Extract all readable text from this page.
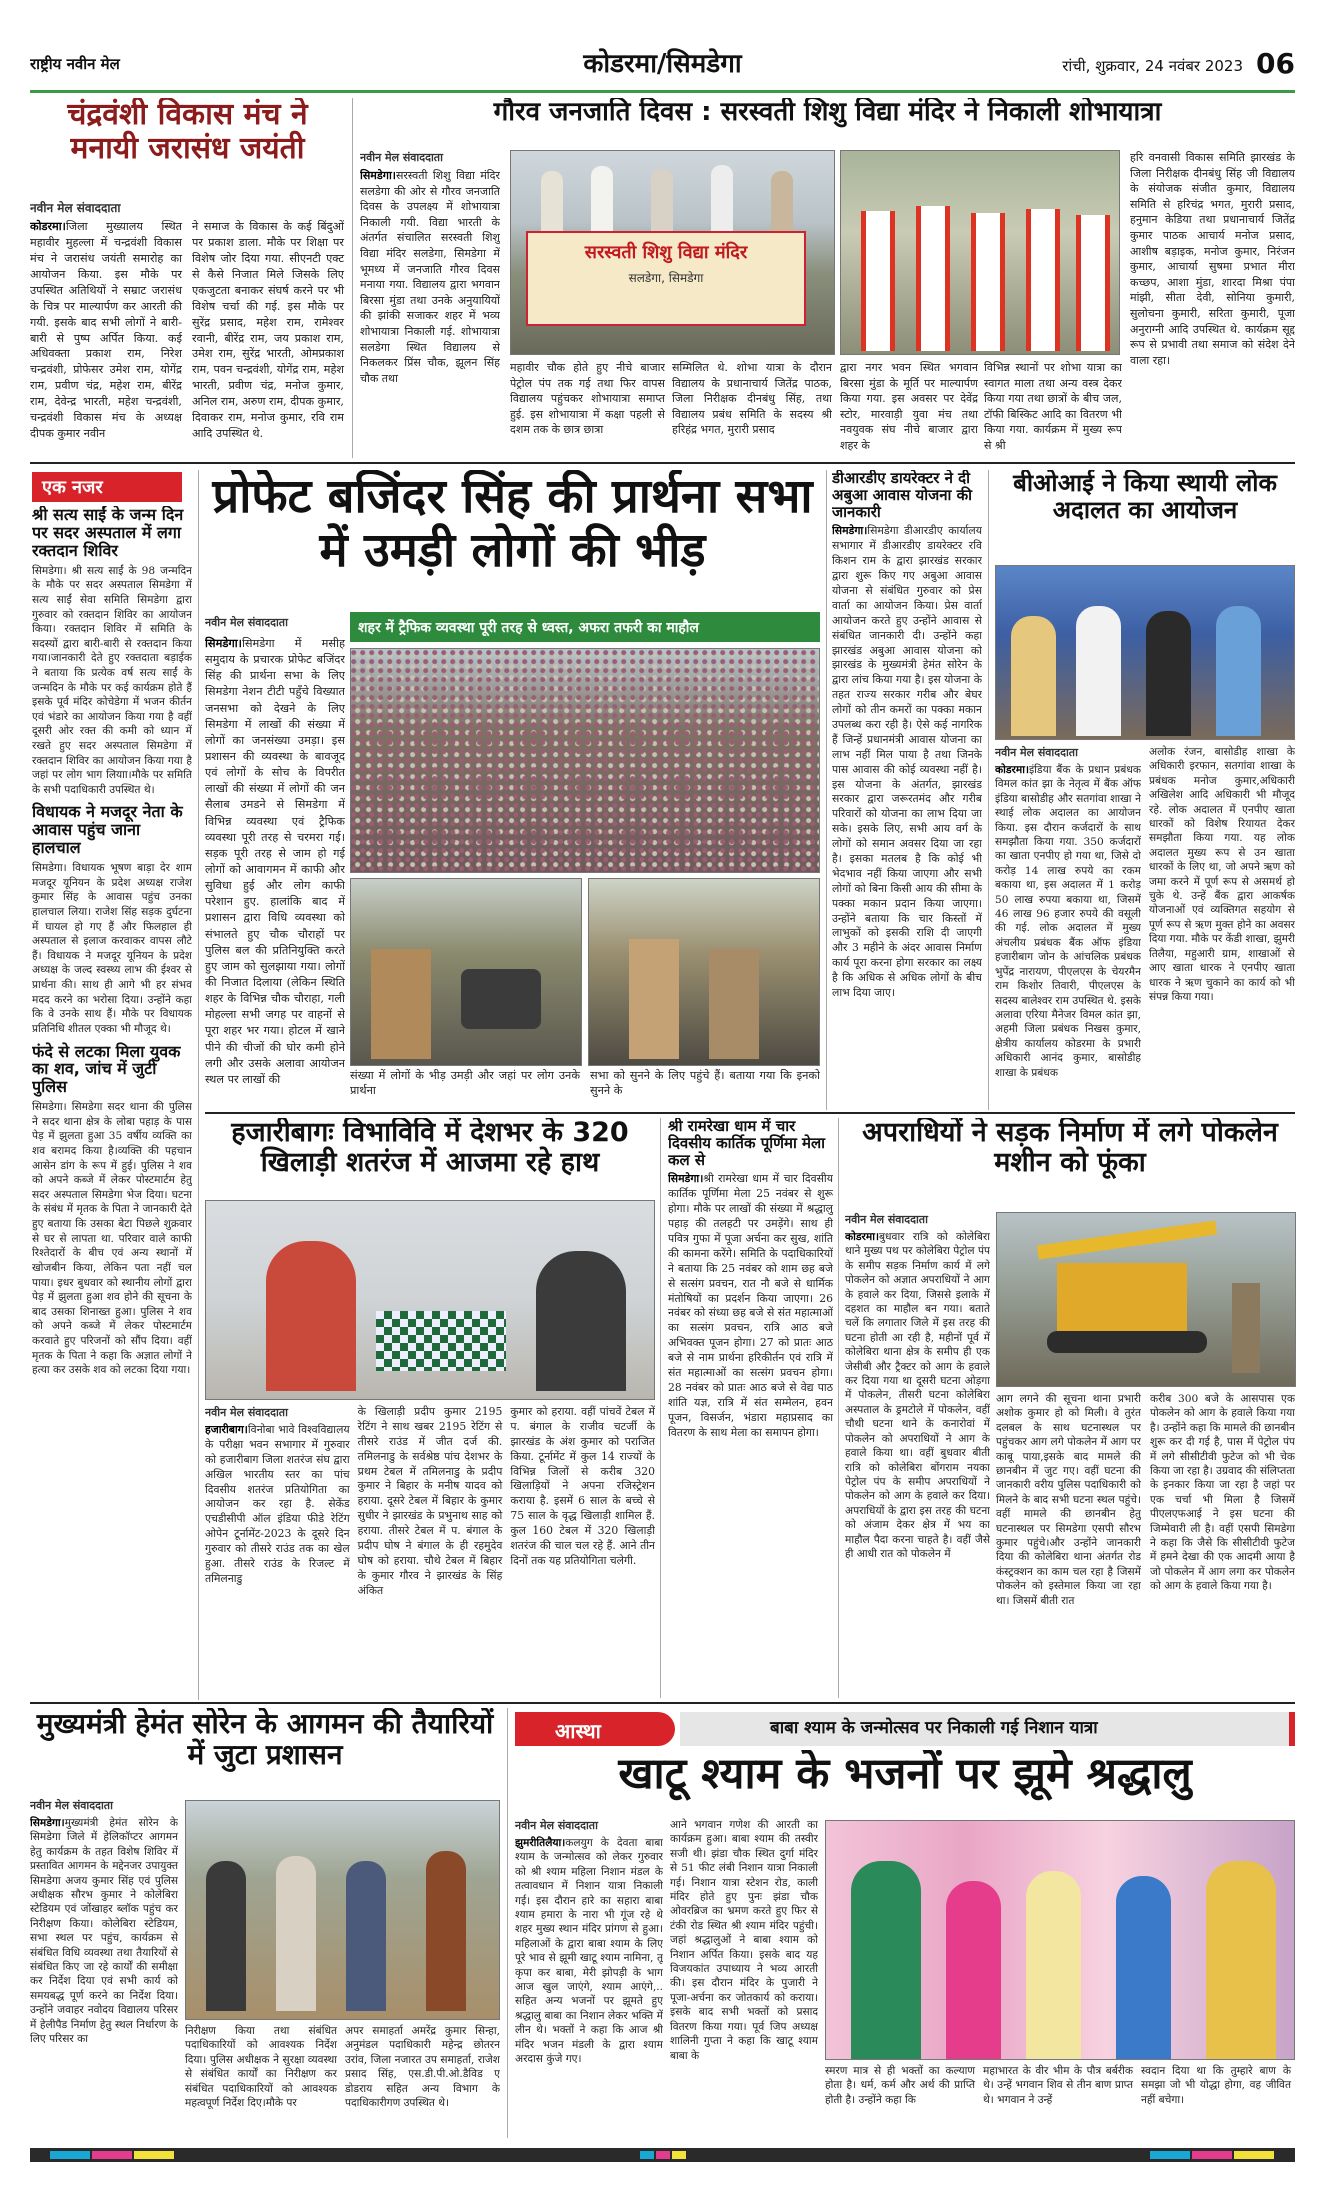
राष्ट्रीय नवीन मेल	कोडरमा/सिमडेगा	रांची, शुक्रवार, 24 नवंबर 2023 06
चंद्रवंशी विकास मंच ने मनायी जरासंध जयंती
नवीन मेल संवाददाता
कोडरमा।जिला मुख्यालय स्थित महावीर मुहल्ला में चन्द्रवंशी विकास मंच ने जरासंध जयंती समारोह का आयोजन किया. इस मौके पर उपस्थित अतिथियों ने सम्राट जरासंध के चित्र पर माल्यार्पण कर आरती की गयी. इसके बाद सभी लोगों ने बारी-बारी से पुष्प अर्पित किया. कई अधिवक्ता प्रकाश राम, निरेश चन्द्रवंशी, प्रोफेसर उमेश राम, योगेंद्र राम, प्रवीण चंद्र, महेश राम, बीरेंद्र राम, देवेन्द्र भारती, महेश चन्द्रवंशी, चन्द्रवंशी विकास मंच के अध्यक्ष दीपक कुमार नवीन
ने समाज के विकास के कई बिंदुओं पर प्रकाश डाला. मौके पर शिक्षा पर विशेष जोर दिया गया. सीएनटी एक्ट से कैसे निजात मिले जिसके लिए एकजुटता बनाकर संघर्ष करने पर भी विशेष चर्चा की गई. इस मौके पर सुरेंद्र प्रसाद, महेश राम, रामेश्वर रवानी, बीरेंद्र राम, जय प्रकाश राम, उमेश राम, सुरेंद्र भारती, ओमप्रकाश राम, पवन चन्द्रवंशी, योगेंद्र राम, महेश भारती, प्रवीण चंद्र, मनोज कुमार, अनिल राम, अरुण राम, दीपक कुमार, दिवाकर राम, मनोज कुमार, रवि राम आदि उपस्थित थे.
गौरव जनजाति दिवस : सरस्वती शिशु विद्या मंदिर ने निकाली शोभायात्रा
नवीन मेल संवाददाता
सिमडेगा।सरस्वती शिशु विद्या मंदिर सलडेगा की ओर से गौरव जनजाति दिवस के उपलक्ष्य में शोभायात्रा निकाली गयी. विद्या भारती के अंतर्गत संचालित सरस्वती शिशु विद्या मंदिर सलडेगा, सिमडेगा में भूमध्य में जनजाति गौरव दिवस मनाया गया. विद्यालय द्वारा भगवान बिरसा मुंडा तथा उनके अनुयायियों की झांकी सजाकर शहर में भव्य शोभायात्रा निकाली गई. शोभायात्रा सलडेगा स्थित विद्यालय से निकलकर प्रिंस चौक, झूलन सिंह चौक तथा
सरस्वती शिशु विद्या मंदिर
सलडेगा, सिमडेगा
महावीर चौक होते हुए नीचे बाजार पेट्रोल पंप तक गई तथा फिर वापस विद्यालय पहुंचकर शोभायात्रा समाप्त हुई. इस शोभायात्रा में कक्षा पहली से दशम तक के छात्र छात्रा
सम्मिलित थे. शोभा यात्रा के दौरान विद्यालय के प्रधानाचार्य जितेंद्र पाठक, जिला निरीक्षक दीनबंधु सिंह, तथा विद्यालय प्रबंध समिति के सदस्य श्री हरिहंद्र भगत, मुरारी प्रसाद
द्वारा नगर भवन स्थित भगवान बिरसा मुंडा के मूर्ति पर माल्यार्पण किया गया. इस अवसर पर देवेंद्र स्टोर, मारवाड़ी युवा मंच तथा नवयुवक संघ नीचे बाजार द्वारा शहर के
विभिन्न स्थानों पर शोभा यात्रा का स्वागत माला तथा अन्य वस्त्र देकर किया गया तथा छात्रों के बीच जल, टॉफी बिस्किट आदि का वितरण भी किया गया. कार्यक्रम में मुख्य रूप से श्री
हरि वनवासी विकास समिति झारखंड के जिला निरीक्षक दीनबंधु सिंह जी विद्यालय के संयोजक संजीत कुमार, विद्यालय समिति से हरिचंद्र भगत, मुरारी प्रसाद, हनुमान केडिया तथा प्रधानाचार्य जितेंद्र कुमार पाठक आचार्य मनोज प्रसाद, आशीष बड़ाइक, मनोज कुमार, निरंजन कुमार, आचार्या सुषमा प्रभात मीरा कच्छप, आशा मुंडा, शारदा मिश्रा पंपा मांझी, सीता देवी, सोनिया कुमारी, सुलोचना कुमारी, सरिता कुमारी, पूजा अनुराग्नी आदि उपस्थित थे. कार्यक्रम सूद्द रूप से प्रभावी तथा समाज को संदेश देने वाला रहा।
एक नजर
श्री सत्य साईं के जन्म दिन पर सदर अस्पताल में लगा रक्तदान शिविर
सिमडेगा। श्री सत्य साईं के 98 जन्मदिन के मौके पर सदर अस्पताल सिमडेगा में सत्य साईं सेवा समिति सिमडेगा द्वारा गुरुवार को रक्तदान शिविर का आयोजन किया। रक्तदान शिविर में समिति के सदस्यों द्वारा बारी-बारी से रक्तदान किया गया।जानकारी देते हुए रक्तदाता बड़ाईक ने बताया कि प्रत्येक वर्ष सत्य साईं के जन्मदिन के मौके पर कई कार्यक्रम होते हैं इसके पूर्व मंदिर कोचेडेगा में भजन कीर्तन एवं भंडारे का आयोजन किया गया है वहीं दूसरी ओर रक्त की कमी को ध्यान में रखते हुए सदर अस्पताल सिमडेगा में रक्तदान शिविर का आयोजन किया गया है जहां पर लोग भाग लियाा।मौके पर समिति के सभी पदाधिकारी उपस्थित थे।
विधायक ने मजदूर नेता के आवास पहुंच जाना हालचाल
सिमडेगा। विधायक भूषण बाड़ा देर शाम मजदूर यूनियन के प्रदेश अध्यक्ष राजेश कुमार सिंह के आवास पहुंच उनका हालचाल लिया। राजेश सिंह सड़क दुर्घटना में घायल हो गए हैं और फिलहाल ही अस्पताल से इलाज करवाकर वापस लौटे हैं। विधायक ने मजदूर यूनियन के प्रदेश अध्यक्ष के जल्द स्वस्थ्य लाभ की ईश्वर से प्रार्थना की। साथ ही आगे भी हर संभव मदद करने का भरोसा दिया। उन्होंने कहा कि वे उनके साथ हैं। मौके पर विधायक प्रतिनिधि शीतल एक्का भी मौजूद थे।
फंदे से लटका मिला युवक का शव, जांच में जुटी पुलिस
सिमडेगा। सिमडेगा सदर थाना की पुलिस ने सदर थाना क्षेत्र के लोबा पहाड़ के पास पेड़ में झुलता हुआ 35 वर्षीय व्यक्ति का शव बरामद किया है।व्यक्ति की पहचान आसेन डांग के रूप में हुई। पुलिस ने शव को अपने कब्जे में लेकर पोस्टमार्टम हेतु सदर अस्पताल सिमडेगा भेज दिया। घटना के संबंध में मृतक के पिता ने जानकारी देते हुए बताया कि उसका बेटा पिछले शुक्रवार से घर से लापता था. परिवार वाले काफी रिश्तेदारों के बीच एवं अन्य स्थानों में खोजबीन किया, लेकिन पता नहीं चल पाया। इधर बुधवार को स्थानीय लोगों द्वारा पेड़ में झुलता हुआ शव होने की सूचना के बाद उसका शिनाख्त हुआ। पुलिस ने शव को अपने कब्जे में लेकर पोस्टमार्टम करवाते हुए परिजनों को सौंप दिया। वहीं मृतक के पिता ने कहा कि अज्ञात लोगों ने हत्या कर उसके शव को लटका दिया गया।
प्रोफेट बजिंदर सिंह की प्रार्थना सभा में उमड़ी लोगों की भीड़
नवीन मेल संवाददाता	शहर में ट्रैफिक व्यवस्था पूरी तरह से ध्वस्त, अफरा तफरी का माहौल
सिमडेगा।सिमडेगा में मसीह समुदाय के प्रचारक प्रोफेट बजिंदर सिंह की प्रार्थना सभा के लिए सिमडेगा नेशन टीटी पहुँचे विख्यात जनसभा को देखने के लिए सिमडेगा में लाखों की संख्या में लोगों का जनसंख्या उमड़ा। इस प्रशासन की व्यवस्था के बावजूद एवं लोगों के सोच के विपरीत लाखों की संख्या में लोगों की जन सैलाब उमडने से सिमडेगा में विभिन्न व्यवस्था एवं ट्रैफिक व्यवस्था पूरी तरह से चरमरा गई। सड़क पूरी तरह से जाम हो गई लोगों को आवागमन में काफी और सुविधा हुई और लोग काफी परेशान हुए. हालांकि बाद में प्रशासन द्वारा विधि व्यवस्था को संभालते हुए चौक चौराहों पर पुलिस बल की प्रतिनियुक्ति करते हुए जाम को सुलझाया गया। लोगों की निजात दिलाया (लेकिन स्थिति शहर के विभिन्न चौक चौराहा, गली मोहल्ला सभी जगह पर वाहनों से पूरा शहर भर गया। होटल में खाने पीने की चीजों की घोर कमी होने लगी और उसके अलावा आयोजन स्थल पर लाखों की	संख्या में लोगों के भीड़ उमड़ी और जहां पर लोग उनके प्रार्थना
सभा को सुनने के लिए पहुंचे हैं। बताया गया कि इनको सुनने के
डीआरडीए डायरेक्टर ने दी अबुआ आवास योजना की जानकारी
सिमडेगा।सिमडेगा डीआरडीए कार्यालय सभागार में डीआरडीए डायरेक्टर रवि किशन राम के द्वारा झारखंड सरकार द्वारा शुरू किए गए अबुआ आवास योजना से संबंधित गुरुवार को प्रेस वार्ता का आयोजन किया। प्रेस वार्ता आयोजन करते हुए उन्होंने आवास से संबंधित जानकारी दी। उन्होंने कहा झारखंड अबुआ आवास योजना को झारखंड के मुख्यमंत्री हेमंत सोरेन के द्वारा लांच किया गया है। इस योजना के तहत राज्य सरकार गरीब और बेघर लोगों को तीन कमरों का पक्का मकान उपलब्ध करा रही है। ऐसे कई नागरिक हैं जिन्हें प्रधानमंत्री आवास योजना का लाभ नहीं मिल पाया है तथा जिनके पास आवास की कोई व्यवस्था नहीं है। इस योजना के अंतर्गत, झारखंड सरकार द्वारा जरूरतमंद और गरीब परिवारों को योजना का लाभ दिया जा सके। इसके लिए, सभी आय वर्ग के लोगों को समान अवसर दिया जा रहा है। इसका मतलब है कि कोई भी भेदभाव नहीं किया जाएगा और सभी लोगों को बिना किसी आय की सीमा के पक्का मकान प्रदान किया जाएगा। उन्होंने बताया कि चार किस्तों में लाभुकों को इसकी राशि दी जाएगी और 3 महीने के अंदर आवास निर्माण कार्य पूरा करना होगा सरकार का लक्ष्य है कि अधिक से अधिक लोगों के बीच लाभ दिया जाए।
बीओआई ने किया स्थायी लोक अदालत का आयोजन
नवीन मेल संवाददाता
कोडरमा।इंडिया बैंक के प्रधान प्रबंधक विमल कांत झा के नेतृत्व में बैंक ऑफ इंडिया बासोडीह और सतगांवा शाखा ने स्थाई लोक अदालत का आयोजन किया. इस दौरान कर्जदारों के साथ समझौता किया गया. 350 कर्जदारों का खाता एनपीए हो गया था, जिसे दो करोड़ 14 लाख रुपये का रकम बकाया था, इस अदालत में 1 करोड़ 50 लाख रुपया बकाया था, जिसमें 46 लाख 96 हजार रुपये की वसूली की गई. लोक अदालत में मुख्य अंचलीय प्रबंधक बैंक ऑफ इंडिया हजारीबाग जोन के आंचलिक प्रबंधक भुपेंद्र नारायण, पीएलएस के चेयरमैन राम किशोर तिवारी, पीएलएस के सदस्य बालेश्वर राम उपस्थित थे. इसके अलावा एरिया मैनेजर विमल कांत झा, अहमी जिला प्रबंधक निखस कुमार, क्षेत्रीय कार्यालय कोडरमा के प्रभारी अधिकारी आनंद कुमार, बासोडीह शाखा के प्रबंधक
अलोक रंजन, बासोडीह शाखा के अधिकारी इरफान, सतगांवा शाखा के प्रबंधक मनोज कुमार,अधिकारी अखिलेश आदि अधिकारी भी मौजूद रहे. लोक अदालत में एनपीए खाता धारकों को विशेष रियायत देकर समझौता किया गया. यह लोक अदालत मुख्य रूप से उन खाता धारकों के लिए था, जो अपने ऋण को जमा करने में पूर्ण रूप से असमर्थ हो चुके थे. उन्हें बैंक द्वारा आकर्षक योजनाओं एवं व्यक्तिगत सहयोग से पूर्ण रूप से ऋण मुक्त होने का अवसर दिया गया. मौके पर केंडी शाखा, झुमरी तिलैया, महुआरी ग्राम, शाखाओं से आए खाता धारक ने एनपीए खाता धारक ने ऋण चुकाने का कार्य को भी संपन्न किया गया।
हजारीबागः विभाविवि में देशभर के 320 खिलाड़ी शतरंज में आजमा रहे हाथ
नवीन मेल संवाददाता
हजारीबाग।विनोबा भावे विश्वविद्यालय के परीक्षा भवन सभागार में गुरुवार को हजारीबाग जिला शतरंज संघ द्वारा अखिल भारतीय स्तर का पांच दिवसीय शतरंज प्रतियोगिता का आयोजन कर रहा है. सेकेंड एचडीसीपी ऑल इंडिया फीडे रेटिंग ओपेन टूर्नामेंट-2023 के दूसरे दिन गुरुवार को तीसरे राउंड तक का खेल हुआ. तीसरे राउंड के रिजल्ट में तमिलनाडु
के खिलाड़ी प्रदीप कुमार 2195 रेटिंग ने साथ खबर 2195 रेटिंग से तीसरे राउंड में जीत दर्ज की. तमिलनाडु के सर्वश्रेष्ठ पांच देशभर के प्रथम टेबल में तमिलनाडु के प्रदीप कुमार ने बिहार के मनीष यादव को हराया. दूसरे टेबल में बिहार के कुमार सुधीर ने झारखंड के प्रभुनाथ साह को हराया. तीसरे टेबल में प. बंगाल के प्रदीप घोष ने बंगाल के ही रहमुदेव घोष को हराया. चौथे टेबल में बिहार के कुमार गौरव ने झारखंड के सिंह अंकित
कुमार को हराया. वहीं पांचवें टेबल में प. बंगाल के राजीव चटर्जी के झारखंड के अंश कुमार को पराजित किया. टूर्नामेंट में कुल 14 राज्यों के विभिन्न जिलों से करीब 320 खिलाड़ियों ने अपना रजिस्ट्रेशन कराया है. इसमें 6 साल के बच्चे से 75 साल के वृद्ध खिलाड़ी शामिल हैं. कुल 160 टेबल में 320 खिलाड़ी शतरंज की चाल चल रहे हैं. आने तीन दिनों तक यह प्रतियोगिता चलेगी.
श्री रामरेखा धाम में चार दिवसीय कार्तिक पूर्णिमा मेला कल से
सिमडेगा।श्री रामरेखा धाम में चार दिवसीय कार्तिक पूर्णिमा मेला 25 नवंबर से शुरू होगा। मौके पर लाखों की संख्या में श्रद्धालु पहाड़ की तलहटी पर उमड़ेंगे। साथ ही पवित्र गुफा में पूजा अर्चना कर सुख, शांति की कामना करेंगे। समिति के पदाधिकारियों ने बताया कि 25 नवंबर को शाम छह बजे से सत्संग प्रवचन, रात नौ बजे से धार्मिक मंतोषियों का प्रदर्शन किया जाएगा। 26 नवंबर को संध्या छह बजे से संत महात्माओं का सत्संग प्रवचन, रात्रि आठ बजे अभिवक्त पूजन होगा। 27 को प्रातः आठ बजे से नाम प्रार्थना हरिकीर्तन एवं रात्रि में संत महात्माओं का सत्संग प्रवचन होगा। 28 नवंबर को प्रातः आठ बजे से वेद्य पाठ शांति यज्ञ, रात्रि में संत सम्मेलन, हवन पूजन, विसर्जन, भंडारा महाप्रसाद का वितरण के साथ मेला का समापन होगा।
अपराधियों ने सड़क निर्माण में लगे पोकलेन मशीन को फूंका
नवीन मेल संवाददाता
कोडरमा।बुधवार रात्रि को कोलेबिरा थाने मुख्य पथ पर कोलेबिरा पेट्रोल पंप के समीप सड़क निर्माण कार्य में लगे पोकलेन को अज्ञात अपराधियों ने आग के हवाले कर दिया, जिससे इलाके में दहशत का माहौल बन गया। बताते चलें कि लगातार जिले में इस तरह की घटना होती आ रही है, महीनों पूर्व में कोलेबिरा थाना क्षेत्र के समीप ही एक जेसीबी और ट्रैक्टर को आग के हवाले कर दिया गया था दूसरी घटना ओड़गा में पोकलेन, तीसरी घटना कोलेबिरा अस्पताल के ड्रमटोले में पोकलेन, वहीं चौथी घटना थाने के कनारोवां में पोकलेन को अपराधियों ने आग के हवाले किया था। वहीं बुधवार बीती रात्रि को कोलेबिरा बोंगराम नयका पेट्रोल पंप के समीप अपराधियों ने पोकलेन को आग के हवाले कर दिया। अपराधियों के द्वारा इस तरह की घटना को अंजाम देकर क्षेत्र में भय का माहौल पैदा करना चाहते है। वहीं जैसे ही आधी रात को पोकलेन में
आग लगने की सूचना थाना प्रभारी अशोक कुमार हो को मिली। वे तुरंत दलबल के साथ घटनास्थल पर पहुंचकर आग लगे पोकलेन में आग पर काबू पाया,इसके बाद मामले की छानबीन में जुट गए। वहीं घटना की जानकारी वरीय पुलिस पदाधिकारी को मिलने के बाद सभी घटना स्थल पहुंचे। वहीं मामले की छानबीन हेतु घटनास्थल पर सिमडेगा एसपी सौरभ कुमार पहुंचे।और उन्होंने जानकारी दिया की कोलेबिरा थाना अंतर्गत रोड कंस्ट्रक्शन का काम चल रहा है जिसमें पोकलेन को इस्तेमाल किया जा रहा था। जिसमें बीती रात
करीब 300 बजे के आसपास एक पोकलेन को आग के हवाले किया गया है। उन्होंने कहा कि मामले की छानबीन शुरू कर दी गई है, पास में पेट्रोल पंप में लगे सीसीटीवी फुटेज को भी चेक किया जा रहा है। उग्रवाद की संलिप्तता के इनकार किया जा रहा है जहां पर एक चर्चा भी मिला है जिसमें पीएलएफआई ने इस घटना की जिम्मेवारी ली है। वहीं एसपी सिमडेगा ने कहा कि जैसे कि सीसीटीवी फुटेज में हमने देखा की एक आदमी आया है जो पोकलेन में आग लगा कर पोकलेन को आग के हवाले किया गया है।
मुख्यमंत्री हेमंत सोरेन के आगमन की तैयारियों में जुटा प्रशासन
नवीन मेल संवाददाता
सिमडेगा।मुख्यमंत्री हेमंत सोरेन के सिमडेगा जिले में हेलिकॉप्टर आगमन हेतु कार्यक्रम के तहत विशेष शिविर में प्रस्तावित आगमन के मद्देनजर उपायुक्त सिमडेगा अजय कुमार सिंह एवं पुलिस अधीक्षक सौरभ कुमार ने कोलेबिरा स्टेडियम एवं जोंखाहर ब्लॉक पहुंच कर निरीक्षण किया। कोलेबिरा स्टेडियम, सभा स्थल पर पहुंच, कार्यक्रम से संबंधित विधि व्यवस्था तथा तैयारियों से संबंधित किए जा रहे कार्यों की समीक्षा कर निर्देश दिया एवं सभी कार्य को समयबद्ध पूर्ण करने का निर्देश दिया। उन्होंने जवाहर नवोदय विद्यालय परिसर में हेलीपैड निर्माण हेतु स्थल निर्धारण के लिए परिसर का
निरीक्षण किया तथा संबंधित पदाधिकारियों को आवश्यक निर्देश दिया। पुलिस अधीक्षक ने सुरक्षा व्यवस्था से संबंधित कार्यों का निरीक्षण कर संबंधित पदाधिकारियों को आवश्यक महत्वपूर्ण निर्देश दिए।मौके पर
अपर समाहर्ता अमरेंद्र कुमार सिन्हा, अनुमंडल पदाधिकारी महेन्द्र छोतरन उरांव, जिला नजारत उप समाहर्ता, राजेश प्रसाद सिंह, एस.डी.पी.ओ.डैविड ए डोडराय सहित अन्य विभाग के पदाधिकारीगण उपस्थित थे।
आस्था	बाबा श्याम के जन्मोत्सव पर निकाली गई निशान यात्रा
खाटू श्याम के भजनों पर झूमे श्रद्धालु
नवीन मेल संवाददाता
झुमरीतिलैया।कलयुग के देवता बाबा श्याम के जन्मोत्सव को लेकर गुरुवार को श्री श्याम महिला निशान मंडल के तत्वावधान में निशान यात्रा निकाली गई। इस दौरान हारे का सहारा बाबा श्याम हमारा के नारा भी गूंज रहे थे शहर मुख्य स्थान मंदिर प्रांगण से हुआ। महिलाओं के द्वारा बाबा श्याम के लिए पूरे भाव से झूमी खाटू श्याम नामिना, तू कृपा कर बाबा, मेरी झोपड़ी के भाग आज खुल जाएंगे, श्याम आएंगे,.. सहित अन्य भजनों पर झूमते हुए श्रद्धालु बाबा का निशान लेकर भक्ति में लीन थे। भक्तों ने कहा कि आज श्री मंदिर भजन मंडली के द्वारा श्याम अरदास कुंजे गए।
आने भगवान गणेश की आरती का कार्यक्रम हुआ। बाबा श्याम की तस्वीर सजी थी। झंडा चौक स्थित दुर्गा मंदिर से 51 फीट लंबी निशान यात्रा निकाली गई। निशान यात्रा स्टेशन रोड, काली मंदिर होते हुए पुनः झंडा चौक ओवरब्रिज का भ्रमण करते हुए फिर से टंकी रोड स्थित श्री श्याम मंदिर पहुंची। जहां श्रद्धालुओं ने बाबा श्याम को निशान अर्पित किया। इसके बाद यह विजयकांत उपाध्याय ने भव्य आरती की। इस दौरान मंदिर के पुजारी ने पूजा-अर्चना कर जोतकार्य को कराया। इसके बाद सभी भक्तों को प्रसाद वितरण किया गया। पूर्व जिप अध्यक्ष शालिनी गुप्ता ने कहा कि खाटू श्याम बाबा के
स्मरण मात्र से ही भक्तों का कल्याण होता है। धर्म, कर्म और अर्थ की प्राप्ति होती है। उन्होंने कहा कि
महाभारत के वीर भीम के पौत्र बर्बरीक थे। उन्हें भगवान शिव से तीन बाण प्राप्त थे। भगवान ने उन्हें
स्वदान दिया था कि तुम्हारे बाण के समझा जो भी योद्धा होगा, वह जीवित नहीं बचेगा।
